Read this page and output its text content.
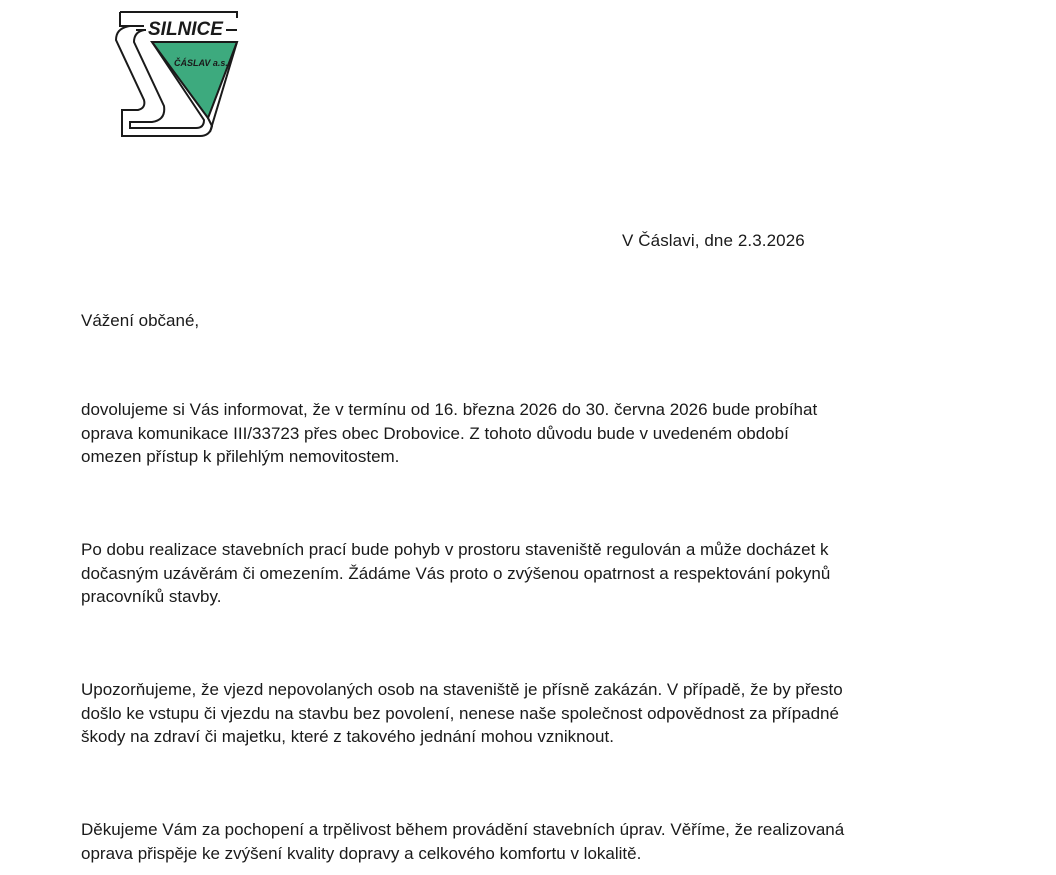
SILNICE
ČÁSLAV a.s.
V Čáslavi, dne 2.3.2026
Vážení občané,
dovolujeme si Vás informovat, že v termínu od 16. března 2026 do 30. června 2026 bude probíhat
oprava komunikace III/33723 přes obec Drobovice. Z tohoto důvodu bude v uvedeném období
omezen přístup k přilehlým nemovitostem.
Po dobu realizace stavebních prací bude pohyb v prostoru staveniště regulován a může docházet k
dočasným uzávěrám či omezením. Žádáme Vás proto o zvýšenou opatrnost a respektování pokynů
pracovníků stavby.
Upozorňujeme, že vjezd nepovolaných osob na staveniště je přísně zakázán. V případě, že by přesto
došlo ke vstupu či vjezdu na stavbu bez povolení, nenese naše společnost odpovědnost za případné
škody na zdraví či majetku, které z takového jednání mohou vzniknout.
Děkujeme Vám za pochopení a trpělivost během provádění stavebních úprav. Věříme, že realizovaná
oprava přispěje ke zvýšení kvality dopravy a celkového komfortu v lokalitě.
